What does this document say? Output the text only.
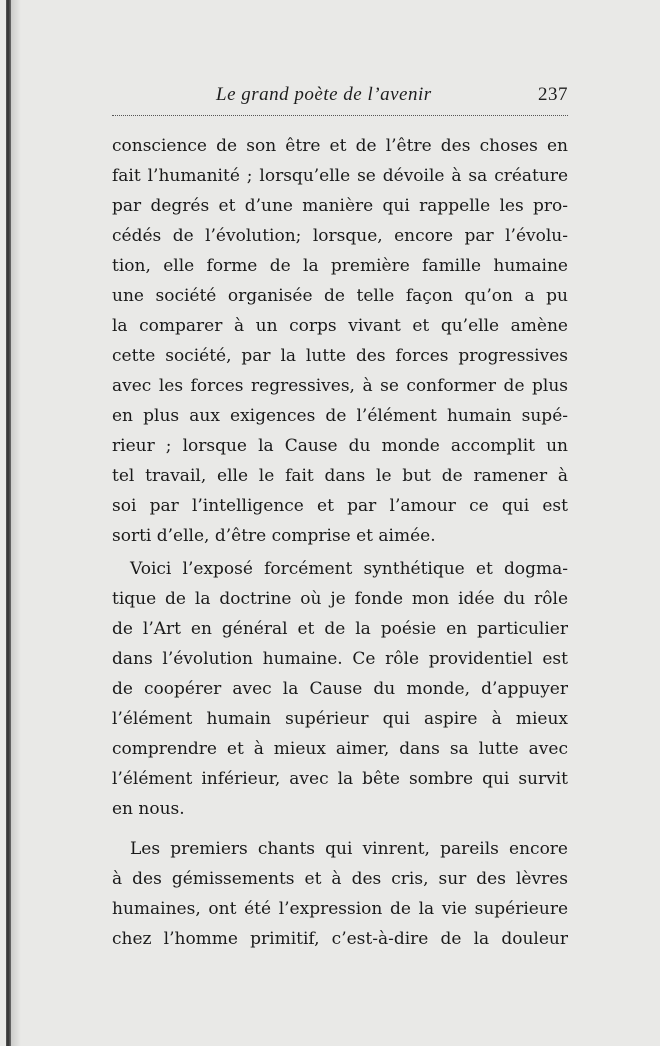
Le grand poète de l’avenir	237
conscience de son être et de l’être des choses en
fait l’humanité ; lorsqu’elle se dévoile à sa créature
par degrés et d’une manière qui rappelle les pro-
cédés de l’évolution; lorsque, encore par l’évolu-
tion, elle forme de la première famille humaine
une société organisée de telle façon qu’on a pu
la comparer à un corps vivant et qu’elle amène
cette société, par la lutte des forces progressives
avec les forces regressives, à se conformer de plus
en plus aux exigences de l’élément humain supé-
rieur ; lorsque la Cause du monde accomplit un
tel travail, elle le fait dans le but de ramener à
soi par l’intelligence et par l’amour ce qui est
sorti d’elle, d’être comprise et aimée.
Voici l’exposé forcément synthétique et dogma-
tique de la doctrine où je fonde mon idée du rôle
de l’Art en général et de la poésie en particulier
dans l’évolution humaine. Ce rôle providentiel est
de coopérer avec la Cause du monde, d’appuyer
l’élément humain supérieur qui aspire à mieux
comprendre et à mieux aimer, dans sa lutte avec
l’élément inférieur, avec la bête sombre qui survit
en nous.
Les premiers chants qui vinrent, pareils encore
à des gémissements et à des cris, sur des lèvres
humaines, ont été l’expression de la vie supérieure
chez l’homme primitif, c’est-à-dire de la douleur
